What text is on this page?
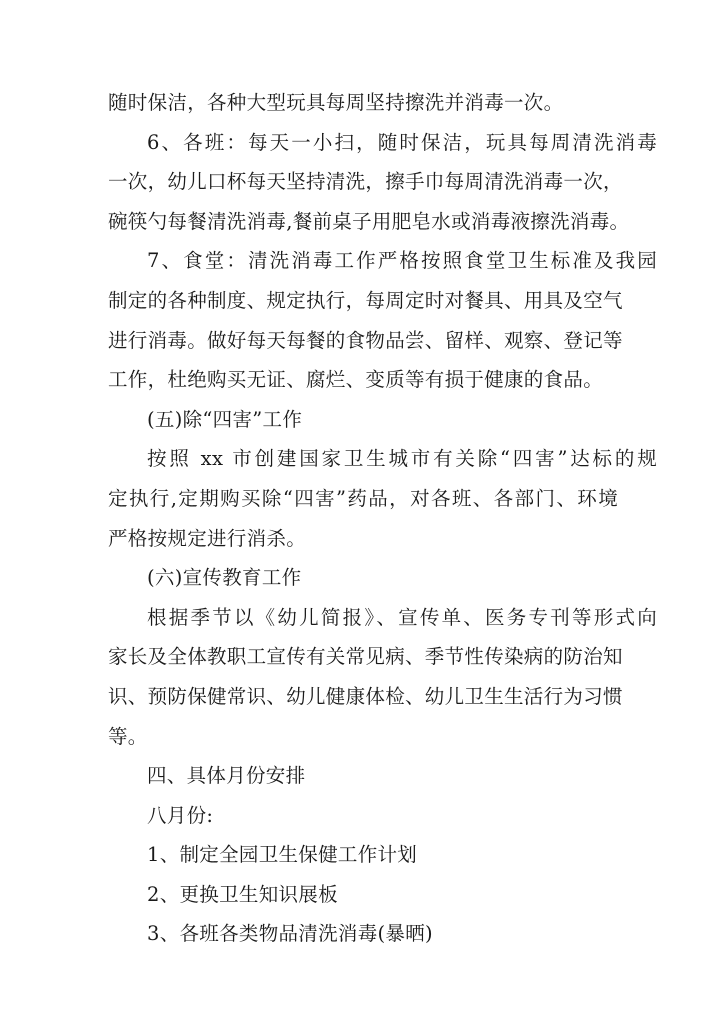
随时保洁，各种大型玩具每周坚持擦洗并消毒一次。
6、各班：每天一小扫，随时保洁，玩具每周清洗消毒
一次，幼儿口杯每天坚持清洗，擦手巾每周清洗消毒一次，
碗筷勺每餐清洗消毒,餐前桌子用肥皂水或消毒液擦洗消毒。
7、食堂：清洗消毒工作严格按照食堂卫生标准及我园
制定的各种制度、规定执行，每周定时对餐具、用具及空气
进行消毒。做好每天每餐的食物品尝、留样、观察、登记等
工作，杜绝购买无证、腐烂、变质等有损于健康的食品。
(五)除“四害”工作
按照 xx 市创建国家卫生城市有关除“四害”达标的规
定执行,定期购买除“四害”药品，对各班、各部门、环境
严格按规定进行消杀。
(六)宣传教育工作
根据季节以《幼儿简报》、宣传单、医务专刊等形式向
家长及全体教职工宣传有关常见病、季节性传染病的防治知
识、预防保健常识、幼儿健康体检、幼儿卫生生活行为习惯
等。
四、具体月份安排
八月份:
1、制定全园卫生保健工作计划
2、更换卫生知识展板
3、各班各类物品清洗消毒(暴晒)
